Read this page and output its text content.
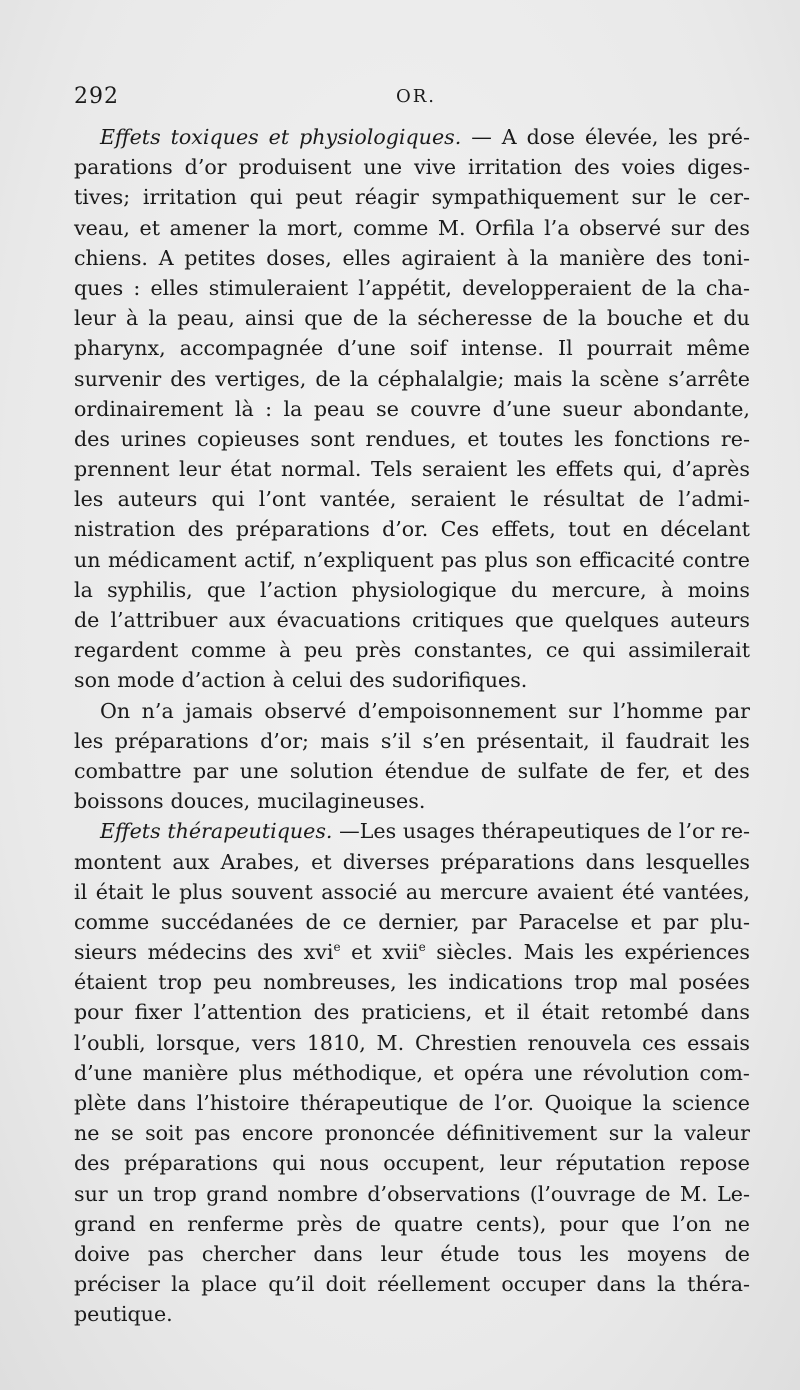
292	OR.
Effets toxiques et physiologiques. — A dose élevée, les pré-
parations d’or produisent une vive irritation des voies diges-
tives; irritation qui peut réagir sympathiquement sur le cer-
veau, et amener la mort, comme M. Orfila l’a observé sur des
chiens. A petites doses, elles agiraient à la manière des toni-
ques : elles stimuleraient l’appétit, developperaient de la cha-
leur à la peau, ainsi que de la sécheresse de la bouche et du
pharynx, accompagnée d’une soif intense. Il pourrait même
survenir des vertiges, de la céphalalgie; mais la scène s’arrête
ordinairement là : la peau se couvre d’une sueur abondante,
des urines copieuses sont rendues, et toutes les fonctions re-
prennent leur état normal. Tels seraient les effets qui, d’après
les auteurs qui l’ont vantée, seraient le résultat de l’admi-
nistration des préparations d’or. Ces effets, tout en décelant
un médicament actif, n’expliquent pas plus son efficacité contre
la syphilis, que l’action physiologique du mercure, à moins
de l’attribuer aux évacuations critiques que quelques auteurs
regardent comme à peu près constantes, ce qui assimilerait
son mode d’action à celui des sudorifiques.
On n’a jamais observé d’empoisonnement sur l’homme par
les préparations d’or; mais s’il s’en présentait, il faudrait les
combattre par une solution étendue de sulfate de fer, et des
boissons douces, mucilagineuses.
Effets thérapeutiques. —Les usages thérapeutiques de l’or re-
montent aux Arabes, et diverses préparations dans lesquelles
il était le plus souvent associé au mercure avaient été vantées,
comme succédanées de ce dernier, par Paracelse et par plu-
sieurs médecins des xvi$^e$ et xvii$^e$ siècles. Mais les expériences
étaient trop peu nombreuses, les indications trop mal posées
pour fixer l’attention des praticiens, et il était retombé dans
l’oubli, lorsque, vers 1810, M. Chrestien renouvela ces essais
d’une manière plus méthodique, et opéra une révolution com-
plète dans l’histoire thérapeutique de l’or. Quoique la science
ne se soit pas encore prononcée définitivement sur la valeur
des préparations qui nous occupent, leur réputation repose
sur un trop grand nombre d’observations (l’ouvrage de M. Le-
grand en renferme près de quatre cents), pour que l’on ne
doive pas chercher dans leur étude tous les moyens de
préciser la place qu’il doit réellement occuper dans la théra-
peutique.
